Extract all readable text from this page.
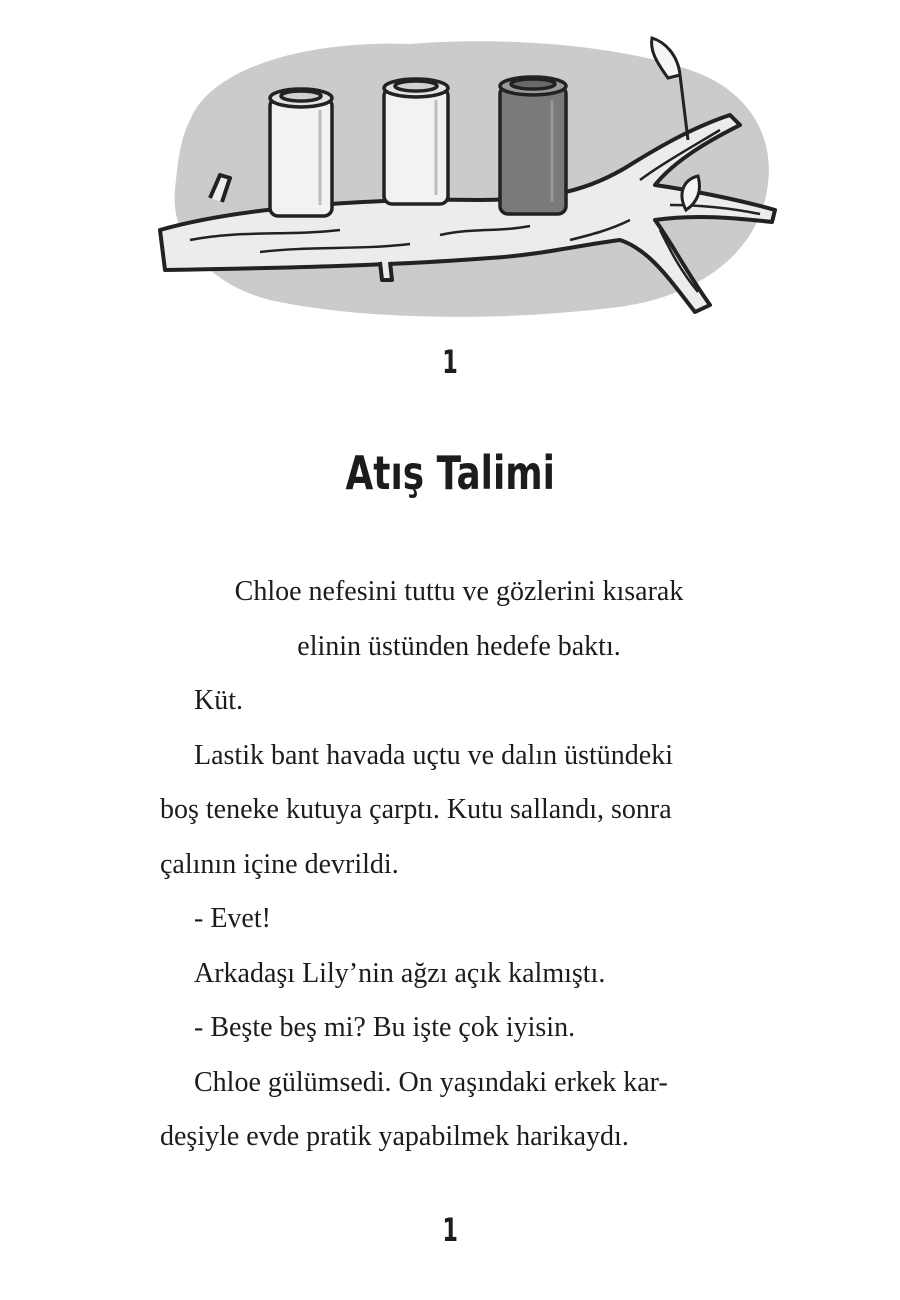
1
Atış Talimi

Chloe nefesini tuttu ve gözlerini kısarak

elinin üstünden hedefe baktı.

Küt.

Lastik bant havada uçtu ve dalın üstündeki

boş teneke kutuya çarptı. Kutu sallandı, sonra

çalının içine devrildi.

- Evet!

Arkadaşı Lily’nin ağzı açık kalmıştı.

- Beşte beş mi? Bu işte çok iyisin.

Chloe gülümsedi. On yaşındaki erkek kar-

deşiyle evde pratik yapabilmek harikaydı.

1
